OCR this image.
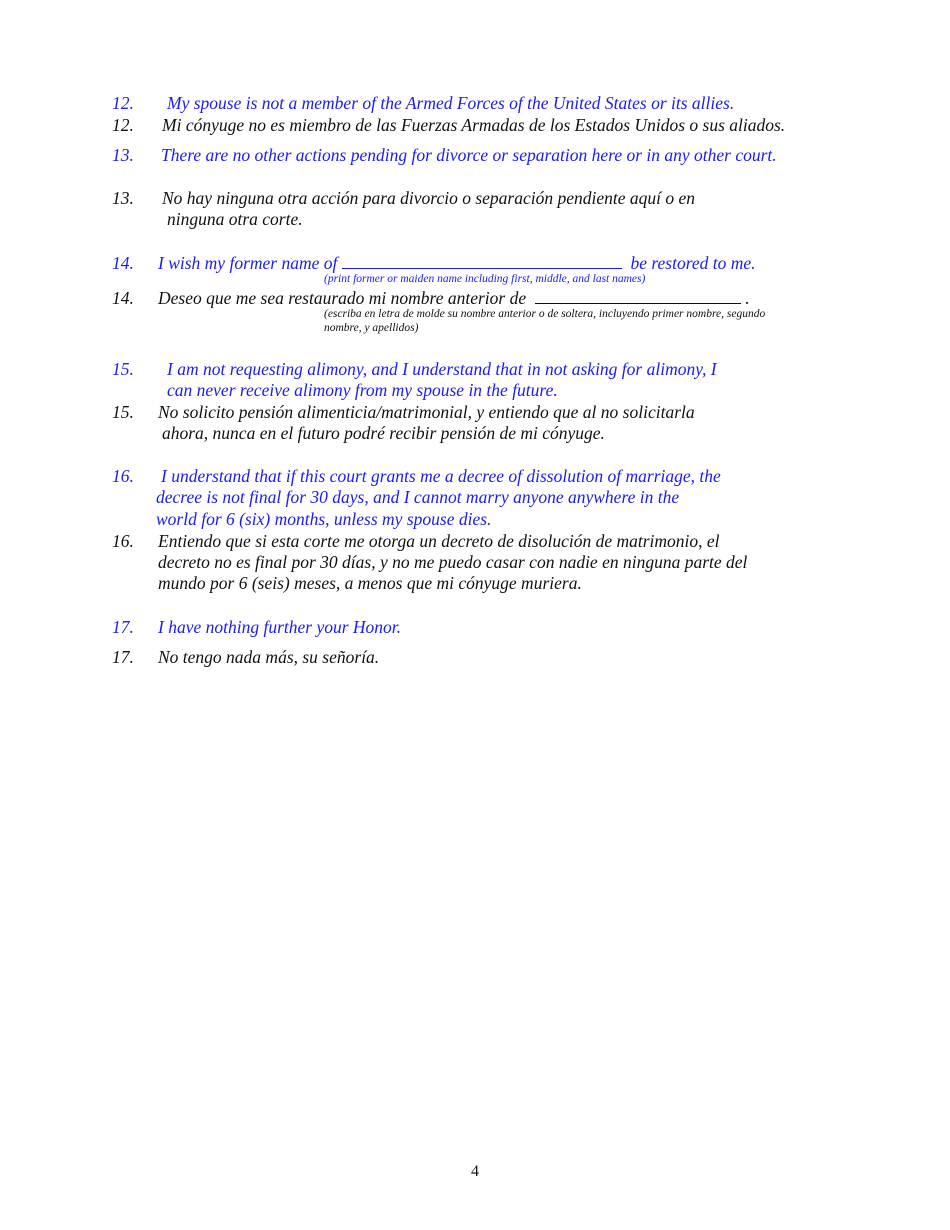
12. My spouse is not a member of the Armed Forces of the United States or its allies.
12. Mi cónyuge no es miembro de las Fuerzas Armadas de los Estados Unidos o sus aliados.
13. There are no other actions pending for divorce or separation here or in any other court.
13. No hay ninguna otra acción para divorcio o separación pendiente aquí o en
ninguna otra corte.
14. I wish my former name of	be restored to me.
(print former or maiden name including first, middle, and last names)
14. Deseo que me sea restaurado mi nombre anterior de	.
(escriba en letra de molde su nombre anterior o de soltera, incluyendo primer nombre, segundo
nombre, y apellidos)
15. I am not requesting alimony, and I understand that in not asking for alimony, I
can never receive alimony from my spouse in the future.
15. No solicito pensión alimenticia/matrimonial, y entiendo que al no solicitarla
ahora, nunca en el futuro podré recibir pensión de mi cónyuge.
16. I understand that if this court grants me a decree of dissolution of marriage, the
decree is not final for 30 days, and I cannot marry anyone anywhere in the
world for 6 (six) months, unless my spouse dies.
16. Entiendo que si esta corte me otorga un decreto de disolución de matrimonio, el
decreto no es final por 30 días, y no me puedo casar con nadie en ninguna parte del
mundo por 6 (seis) meses, a menos que mi cónyuge muriera.
17. I have nothing further your Honor.
17. No tengo nada más, su señoría.
4
